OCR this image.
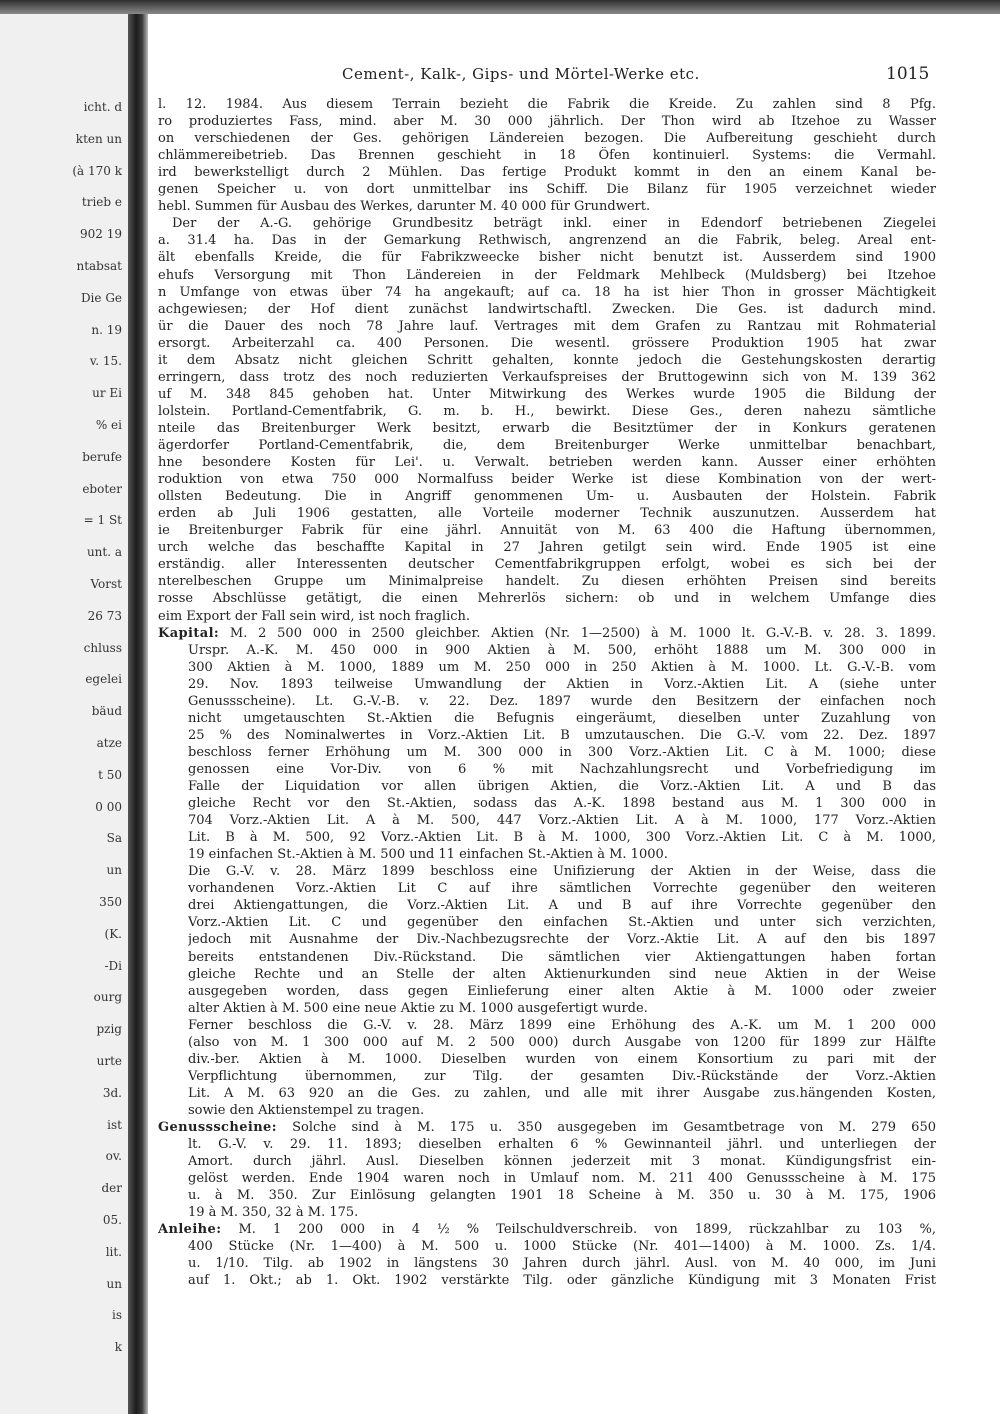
icht. d
kten un
(à 170 k
trieb e
902 19
ntabsat
Die Ge
n. 19
v. 15.
ur Ei
% ei
berufe
eboter
= 1 St
unt. a
Vorst
26 73
chluss
egelei
bäud
atze
t 50
0 00
Sa
un
350
(K.
-Di
ourg
pzig
urte
3d.
ist
ov.
der
05.
lit.
un
is
k
Cement-, Kalk-, Gips- und Mörtel-Werke etc.	1015
l. 12. 1984. Aus diesem Terrain bezieht die Fabrik die Kreide. Zu zahlen sind 8 Pfg.
ro produziertes Fass, mind. aber M. 30 000 jährlich. Der Thon wird ab Itzehoe zu Wasser
on verschiedenen der Ges. gehörigen Ländereien bezogen. Die Aufbereitung geschieht durch
chlämmereibetrieb. Das Brennen geschieht in 18 Öfen kontinuierl. Systems: die Vermahl.
ird bewerkstelligt durch 2 Mühlen. Das fertige Produkt kommt in den an einem Kanal be-
genen Speicher u. von dort unmittelbar ins Schiff. Die Bilanz für 1905 verzeichnet wieder
hebl. Summen für Ausbau des Werkes, darunter M. 40 000 für Grundwert.
Der der A.-G. gehörige Grundbesitz beträgt inkl. einer in Edendorf betriebenen Ziegelei
a. 31.4 ha. Das in der Gemarkung Rethwisch, angrenzend an die Fabrik, beleg. Areal ent-
ält ebenfalls Kreide, die für Fabrikzweecke bisher nicht benutzt ist. Ausserdem sind 1900
ehufs Versorgung mit Thon Ländereien in der Feldmark Mehlbeck (Muldsberg) bei Itzehoe
n Umfange von etwas über 74 ha angekauft; auf ca. 18 ha ist hier Thon in grosser Mächtigkeit
achgewiesen; der Hof dient zunächst landwirtschaftl. Zwecken. Die Ges. ist dadurch mind.
ür die Dauer des noch 78 Jahre lauf. Vertrages mit dem Grafen zu Rantzau mit Rohmaterial
ersorgt. Arbeiterzahl ca. 400 Personen. Die wesentl. grössere Produktion 1905 hat zwar
it dem Absatz nicht gleichen Schritt gehalten, konnte jedoch die Gestehungskosten derartig
erringern, dass trotz des noch reduzierten Verkaufspreises der Bruttogewinn sich von M. 139 362
uf M. 348 845 gehoben hat. Unter Mitwirkung des Werkes wurde 1905 die Bildung der
lolstein. Portland-Cementfabrik, G. m. b. H., bewirkt. Diese Ges., deren nahezu sämtliche
nteile das Breitenburger Werk besitzt, erwarb die Besitztümer der in Konkurs geratenen
ägerdorfer Portland-Cementfabrik, die, dem Breitenburger Werke unmittelbar benachbart,
hne besondere Kosten für Lei'. u. Verwalt. betrieben werden kann. Ausser einer erhöhten
roduktion von etwa 750 000 Normalfuss beider Werke ist diese Kombination von der wert-
ollsten Bedeutung. Die in Angriff genommenen Um- u. Ausbauten der Holstein. Fabrik
erden ab Juli 1906 gestatten, alle Vorteile moderner Technik auszunutzen. Ausserdem hat
ie Breitenburger Fabrik für eine jährl. Annuität von M. 63 400 die Haftung übernommen,
urch welche das beschaffte Kapital in 27 Jahren getilgt sein wird. Ende 1905 ist eine
erständig. aller Interessenten deutscher Cementfabrikgruppen erfolgt, wobei es sich bei der
nterelbeschen Gruppe um Minimalpreise handelt. Zu diesen erhöhten Preisen sind bereits
rosse Abschlüsse getätigt, die einen Mehrerlös sichern: ob und in welchem Umfange dies
eim Export der Fall sein wird, ist noch fraglich.
Kapital: M. 2 500 000 in 2500 gleichber. Aktien (Nr. 1—2500) à M. 1000 lt. G.-V.-B. v. 28. 3. 1899.
Urspr. A.-K. M. 450 000 in 900 Aktien à M. 500, erhöht 1888 um M. 300 000 in
300 Aktien à M. 1000, 1889 um M. 250 000 in 250 Aktien à M. 1000. Lt. G.-V.-B. vom
29. Nov. 1893 teilweise Umwandlung der Aktien in Vorz.-Aktien Lit. A (siehe unter
Genussscheine). Lt. G.-V.-B. v. 22. Dez. 1897 wurde den Besitzern der einfachen noch
nicht umgetauschten St.-Aktien die Befugnis eingeräumt, dieselben unter Zuzahlung von
25 % des Nominalwertes in Vorz.-Aktien Lit. B umzutauschen. Die G.-V. vom 22. Dez. 1897
beschloss ferner Erhöhung um M. 300 000 in 300 Vorz.-Aktien Lit. C à M. 1000; diese
genossen eine Vor-Div. von 6 % mit Nachzahlungsrecht und Vorbefriedigung im
Falle der Liquidation vor allen übrigen Aktien, die Vorz.-Aktien Lit. A und B das
gleiche Recht vor den St.-Aktien, sodass das A.-K. 1898 bestand aus M. 1 300 000 in
704 Vorz.-Aktien Lit. A à M. 500, 447 Vorz.-Aktien Lit. A à M. 1000, 177 Vorz.-Aktien
Lit. B à M. 500, 92 Vorz.-Aktien Lit. B à M. 1000, 300 Vorz.-Aktien Lit. C à M. 1000,
19 einfachen St.-Aktien à M. 500 und 11 einfachen St.-Aktien à M. 1000.
Die G.-V. v. 28. März 1899 beschloss eine Unifizierung der Aktien in der Weise, dass die
vorhandenen Vorz.-Aktien Lit C auf ihre sämtlichen Vorrechte gegenüber den weiteren
drei Aktiengattungen, die Vorz.-Aktien Lit. A und B auf ihre Vorrechte gegenüber den
Vorz.-Aktien Lit. C und gegenüber den einfachen St.-Aktien und unter sich verzichten,
jedoch mit Ausnahme der Div.-Nachbezugsrechte der Vorz.-Aktie Lit. A auf den bis 1897
bereits entstandenen Div.-Rückstand. Die sämtlichen vier Aktiengattungen haben fortan
gleiche Rechte und an Stelle der alten Aktienurkunden sind neue Aktien in der Weise
ausgegeben worden, dass gegen Einlieferung einer alten Aktie à M. 1000 oder zweier
alter Aktien à M. 500 eine neue Aktie zu M. 1000 ausgefertigt wurde.
Ferner beschloss die G.-V. v. 28. März 1899 eine Erhöhung des A.-K. um M. 1 200 000
(also von M. 1 300 000 auf M. 2 500 000) durch Ausgabe von 1200 für 1899 zur Hälfte
div.-ber. Aktien à M. 1000. Dieselben wurden von einem Konsortium zu pari mit der
Verpflichtung übernommen, zur Tilg. der gesamten Div.-Rückstände der Vorz.-Aktien
Lit. A M. 63 920 an die Ges. zu zahlen, und alle mit ihrer Ausgabe zus.hängenden Kosten,
sowie den Aktienstempel zu tragen.
Genussscheine: Solche sind à M. 175 u. 350 ausgegeben im Gesamtbetrage von M. 279 650
lt. G.-V. v. 29. 11. 1893; dieselben erhalten 6 % Gewinnanteil jährl. und unterliegen der
Amort. durch jährl. Ausl. Dieselben können jederzeit mit 3 monat. Kündigungsfrist ein-
gelöst werden. Ende 1904 waren noch in Umlauf nom. M. 211 400 Genussscheine à M. 175
u. à M. 350. Zur Einlösung gelangten 1901 18 Scheine à M. 350 u. 30 à M. 175, 1906
19 à M. 350, 32 à M. 175.
Anleihe: M. 1 200 000 in 4 ½ % Teilschuldverschreib. von 1899, rückzahlbar zu 103 %,
400 Stücke (Nr. 1—400) à M. 500 u. 1000 Stücke (Nr. 401—1400) à M. 1000. Zs. 1/4.
u. 1/10. Tilg. ab 1902 in längstens 30 Jahren durch jährl. Ausl. von M. 40 000, im Juni
auf 1. Okt.; ab 1. Okt. 1902 verstärkte Tilg. oder gänzliche Kündigung mit 3 Monaten Frist
